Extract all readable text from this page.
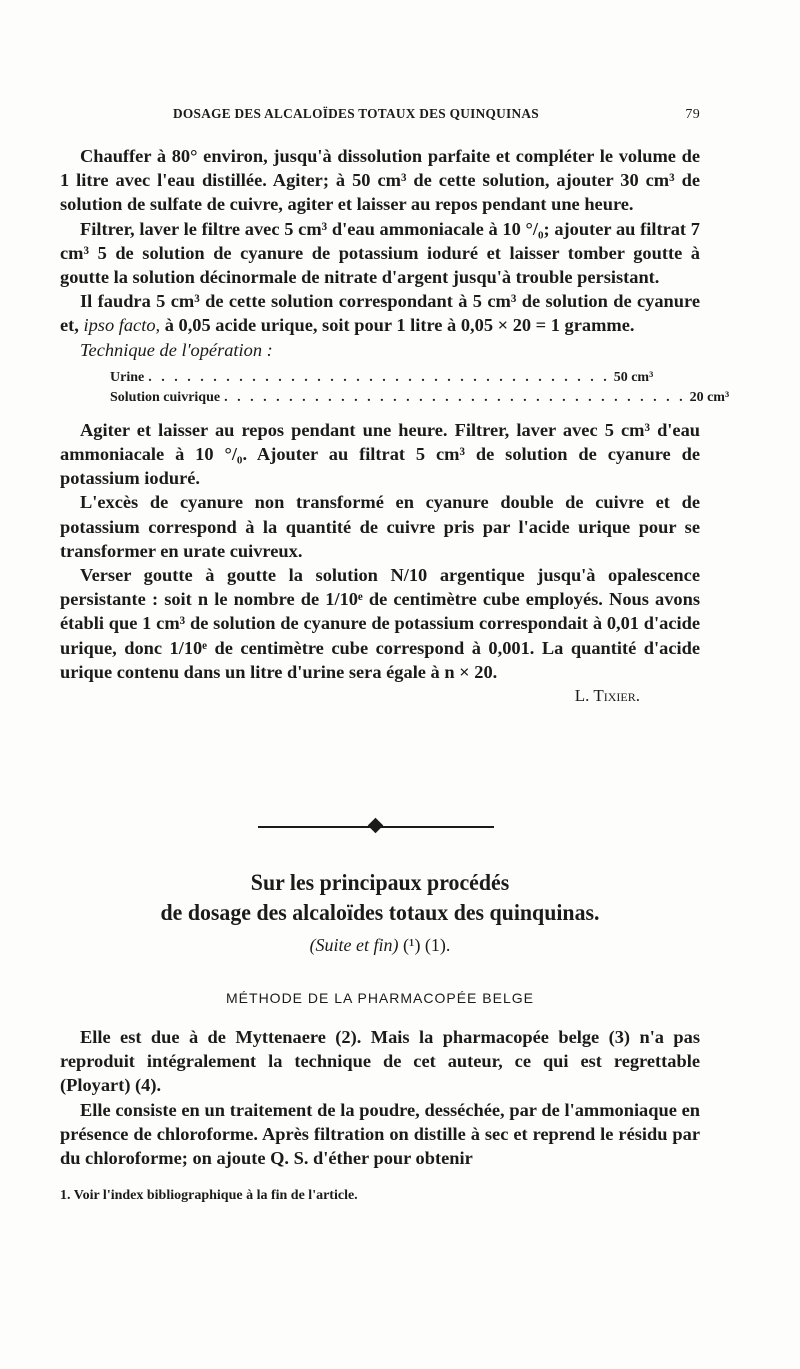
DOSAGE DES ALCALOÏDES TOTAUX DES QUINQUINAS	79

Chauffer à 80° environ, jusqu'à dissolution parfaite et compléter le volume de 1 litre avec l'eau distillée. Agiter; à 50 cm³ de cette solution, ajouter 30 cm³ de solution de sulfate de cuivre, agiter et laisser au repos pendant une heure.

Filtrer, laver le filtre avec 5 cm³ d'eau ammoniacale à 10 °/₀; ajouter au filtrat 7 cm³ 5 de solution de cyanure de potassium ioduré et laisser tomber goutte à goutte la solution décinormale de nitrate d'argent jusqu'à trouble persistant.

Il faudra 5 cm³ de cette solution correspondant à 5 cm³ de solution de cyanure et, ipso facto, à 0,05 acide urique, soit pour 1 litre à 0,05 × 20 = 1 gramme.

Technique de l'opération :

Urine . . . . . . . . . . . . . . . . . . . . . . . . . . . . . . . . . . . . 50 cm³
Solution cuivrique . . . . . . . . . . . . . . . . . . . . . . . . . . . . . . . . . . . . 20 cm³

Agiter et laisser au repos pendant une heure. Filtrer, laver avec 5 cm³ d'eau ammoniacale à 10 °/₀. Ajouter au filtrat 5 cm³ de solution de cyanure de potassium ioduré.

L'excès de cyanure non transformé en cyanure double de cuivre et de potassium correspond à la quantité de cuivre pris par l'acide urique pour se transformer en urate cuivreux.

Verser goutte à goutte la solution N/10 argentique jusqu'à opalescence persistante : soit n le nombre de 1/10ᵉ de centimètre cube employés. Nous avons établi que 1 cm³ de solution de cyanure de potassium correspondait à 0,01 d'acide urique, donc 1/10ᵉ de centimètre cube correspond à 0,001. La quantité d'acide urique contenu dans un litre d'urine sera égale à n × 20.

L. Tixier.

Sur les principaux procédés
de dosage des alcaloïdes totaux des quinquinas.
(Suite et fin) (¹) (1).
MÉTHODE DE LA PHARMACOPÉE BELGE

Elle est due à de Myttenaere (2). Mais la pharmacopée belge (3) n'a pas reproduit intégralement la technique de cet auteur, ce qui est regrettable (Ployart) (4).

Elle consiste en un traitement de la poudre, desséchée, par de l'ammoniaque en présence de chloroforme. Après filtration on distille à sec et reprend le résidu par du chloroforme; on ajoute Q. S. d'éther pour obtenir

1. Voir l'index bibliographique à la fin de l'article.
